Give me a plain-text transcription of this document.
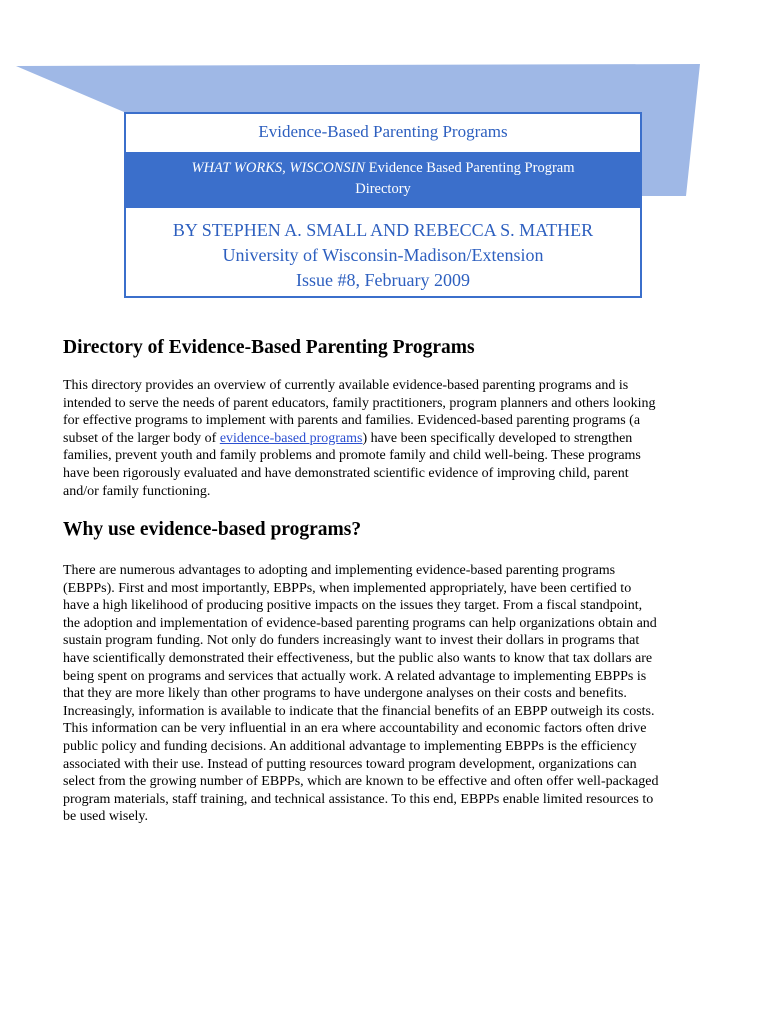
Evidence-Based Parenting Programs
WHAT WORKS, WISCONSIN Evidence Based Parenting Program
Directory
BY STEPHEN A. SMALL AND REBECCA S. MATHER
University of Wisconsin-Madison/Extension
Issue #8, February 2009
Directory of Evidence-Based Parenting Programs
This directory provides an overview of currently available evidence-based parenting programs and is
intended to serve the needs of parent educators, family practitioners, program planners and others looking
for effective programs to implement with parents and families. Evidenced-based parenting programs (a
subset of the larger body of evidence-based programs) have been specifically developed to strengthen
families, prevent youth and family problems and promote family and child well-being. These programs
have been rigorously evaluated and have demonstrated scientific evidence of improving child, parent
and/or family functioning.
Why use evidence-based programs?
There are numerous advantages to adopting and implementing evidence-based parenting programs
(EBPPs). First and most importantly, EBPPs, when implemented appropriately, have been certified to
have a high likelihood of producing positive impacts on the issues they target. From a fiscal standpoint,
the adoption and implementation of evidence-based parenting programs can help organizations obtain and
sustain program funding. Not only do funders increasingly want to invest their dollars in programs that
have scientifically demonstrated their effectiveness, but the public also wants to know that tax dollars are
being spent on programs and services that actually work. A related advantage to implementing EBPPs is
that they are more likely than other programs to have undergone analyses on their costs and benefits.
Increasingly, information is available to indicate that the financial benefits of an EBPP outweigh its costs.
This information can be very influential in an era where accountability and economic factors often drive
public policy and funding decisions. An additional advantage to implementing EBPPs is the efficiency
associated with their use. Instead of putting resources toward program development, organizations can
select from the growing number of EBPPs, which are known to be effective and often offer well-packaged
program materials, staff training, and technical assistance. To this end, EBPPs enable limited resources to
be used wisely.
